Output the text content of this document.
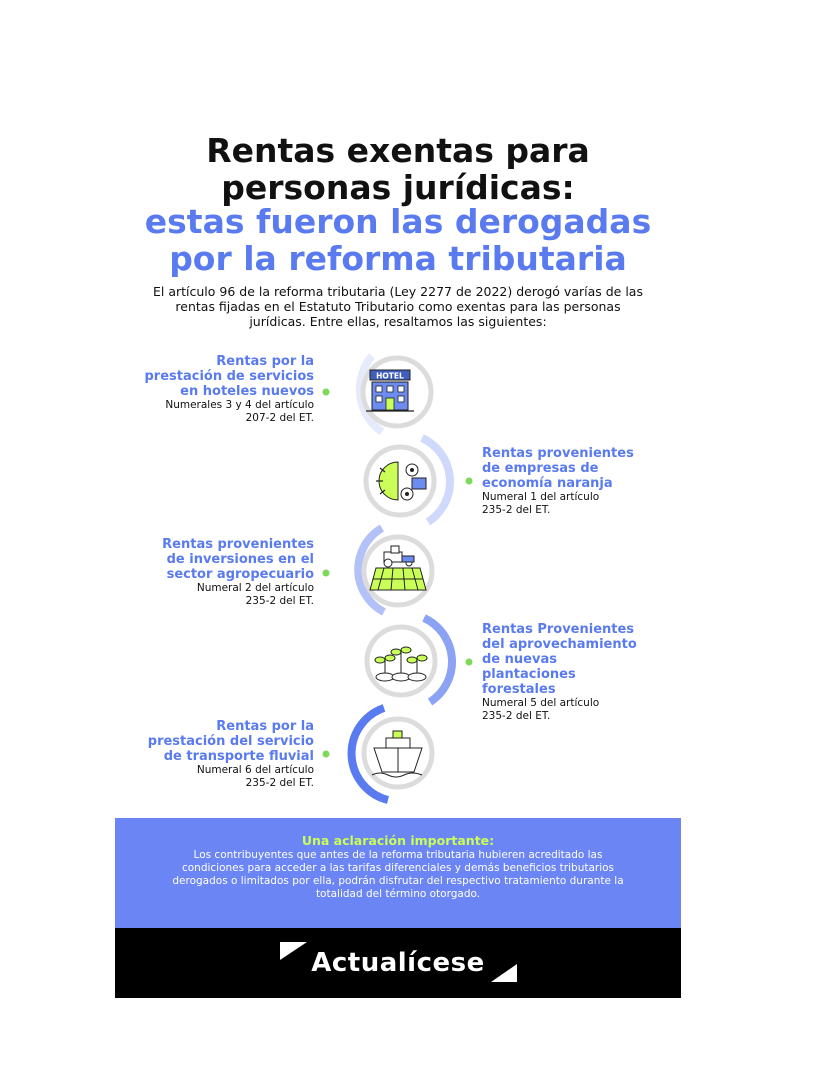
Rentas exentas para
personas jurídicas:
estas fueron las derogadas
por la reforma tributaria
El artículo 96 de la reforma tributaria (Ley 2277 de 2022) derogó varías de las rentas fijadas en el Estatuto Tributario como exentas para las personas jurídicas. Entre ellas, resaltamos las siguientes:
HOTEL
Rentas por la
prestación de servicios
en hoteles nuevos
Numerales 3 y 4 del artículo
207-2 del ET.
Rentas provenientes
de empresas de
economía naranja
Numeral 1 del artículo
235-2 del ET.
Rentas provenientes
de inversiones en el
sector agropecuario
Numeral 2 del artículo
235-2 del ET.
Rentas Provenientes
del aprovechamiento
de nuevas plantaciones
forestales
Numeral 5 del artículo
235-2 del ET.
Rentas por la
prestación del servicio
de transporte fluvial
Numeral 6 del artículo
235-2 del ET.
Una aclaración importante:
Los contribuyentes que antes de la reforma tributaria hubieren acreditado las condiciones para acceder a las tarifas diferenciales y demás beneficios tributarios derogados o limitados por ella, podrán disfrutar del respectivo tratamiento durante la totalidad del término otorgado.
Actualícese
